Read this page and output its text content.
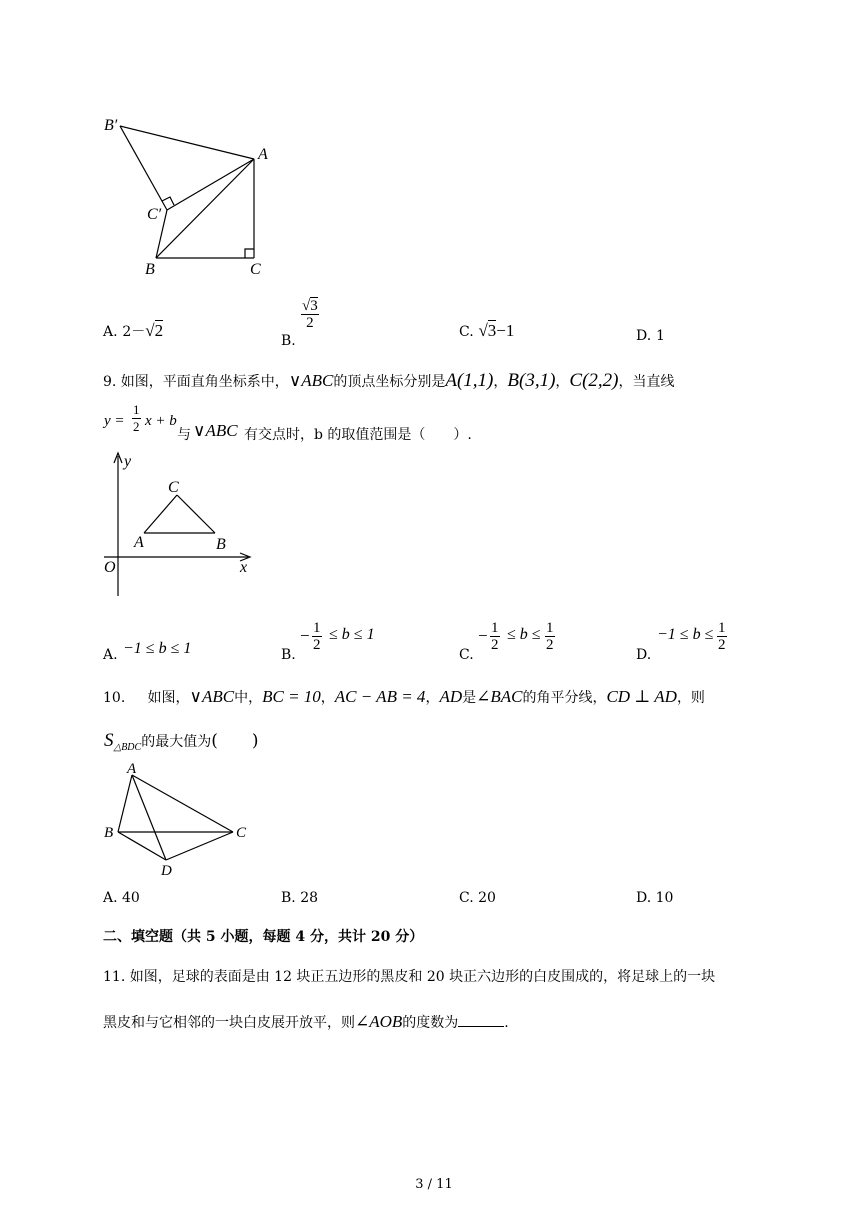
B′
A
C′
B	C
A. 2－√2
B.
$\frac{√3}{2}$
C. √3−1	D. 1
9. 如图，平面直角坐标系中，∨ABC的顶点坐标分别是A(1,1)，B(3,1)，C(2,2)，当直线
$y = \frac{1}{2}$ x + b
与 ∨ABC 有交点时，b 的取值范围是（　　）.
y
C
A	B
O	x
A. −1 ≤ b ≤ 1	B.
− $\frac{1}{2} \le b \le 1$
C.
− $\frac{1}{2} \le b \le \frac{1}{2}$
D.
$-1 \le b \le \frac{1}{2}$
10. 如图，∨ABC中，BC = 10，AC − AB = 4，AD是∠BAC的角平分线，CD ⊥ AD，则
$S_{\triangle BDC}$的最大值为(　　)
A
B	C
D
A. 40	B. 28	C. 20	D. 10
二、填空题（共 5 小题，每题 4 分，共计 20 分）
11. 如图，足球的表面是由 12 块正五边形的黑皮和 20 块正六边形的白皮围成的，将足球上的一块
黑皮和与它相邻的一块白皮展开放平，则∠AOB的度数为	.
3 / 11
